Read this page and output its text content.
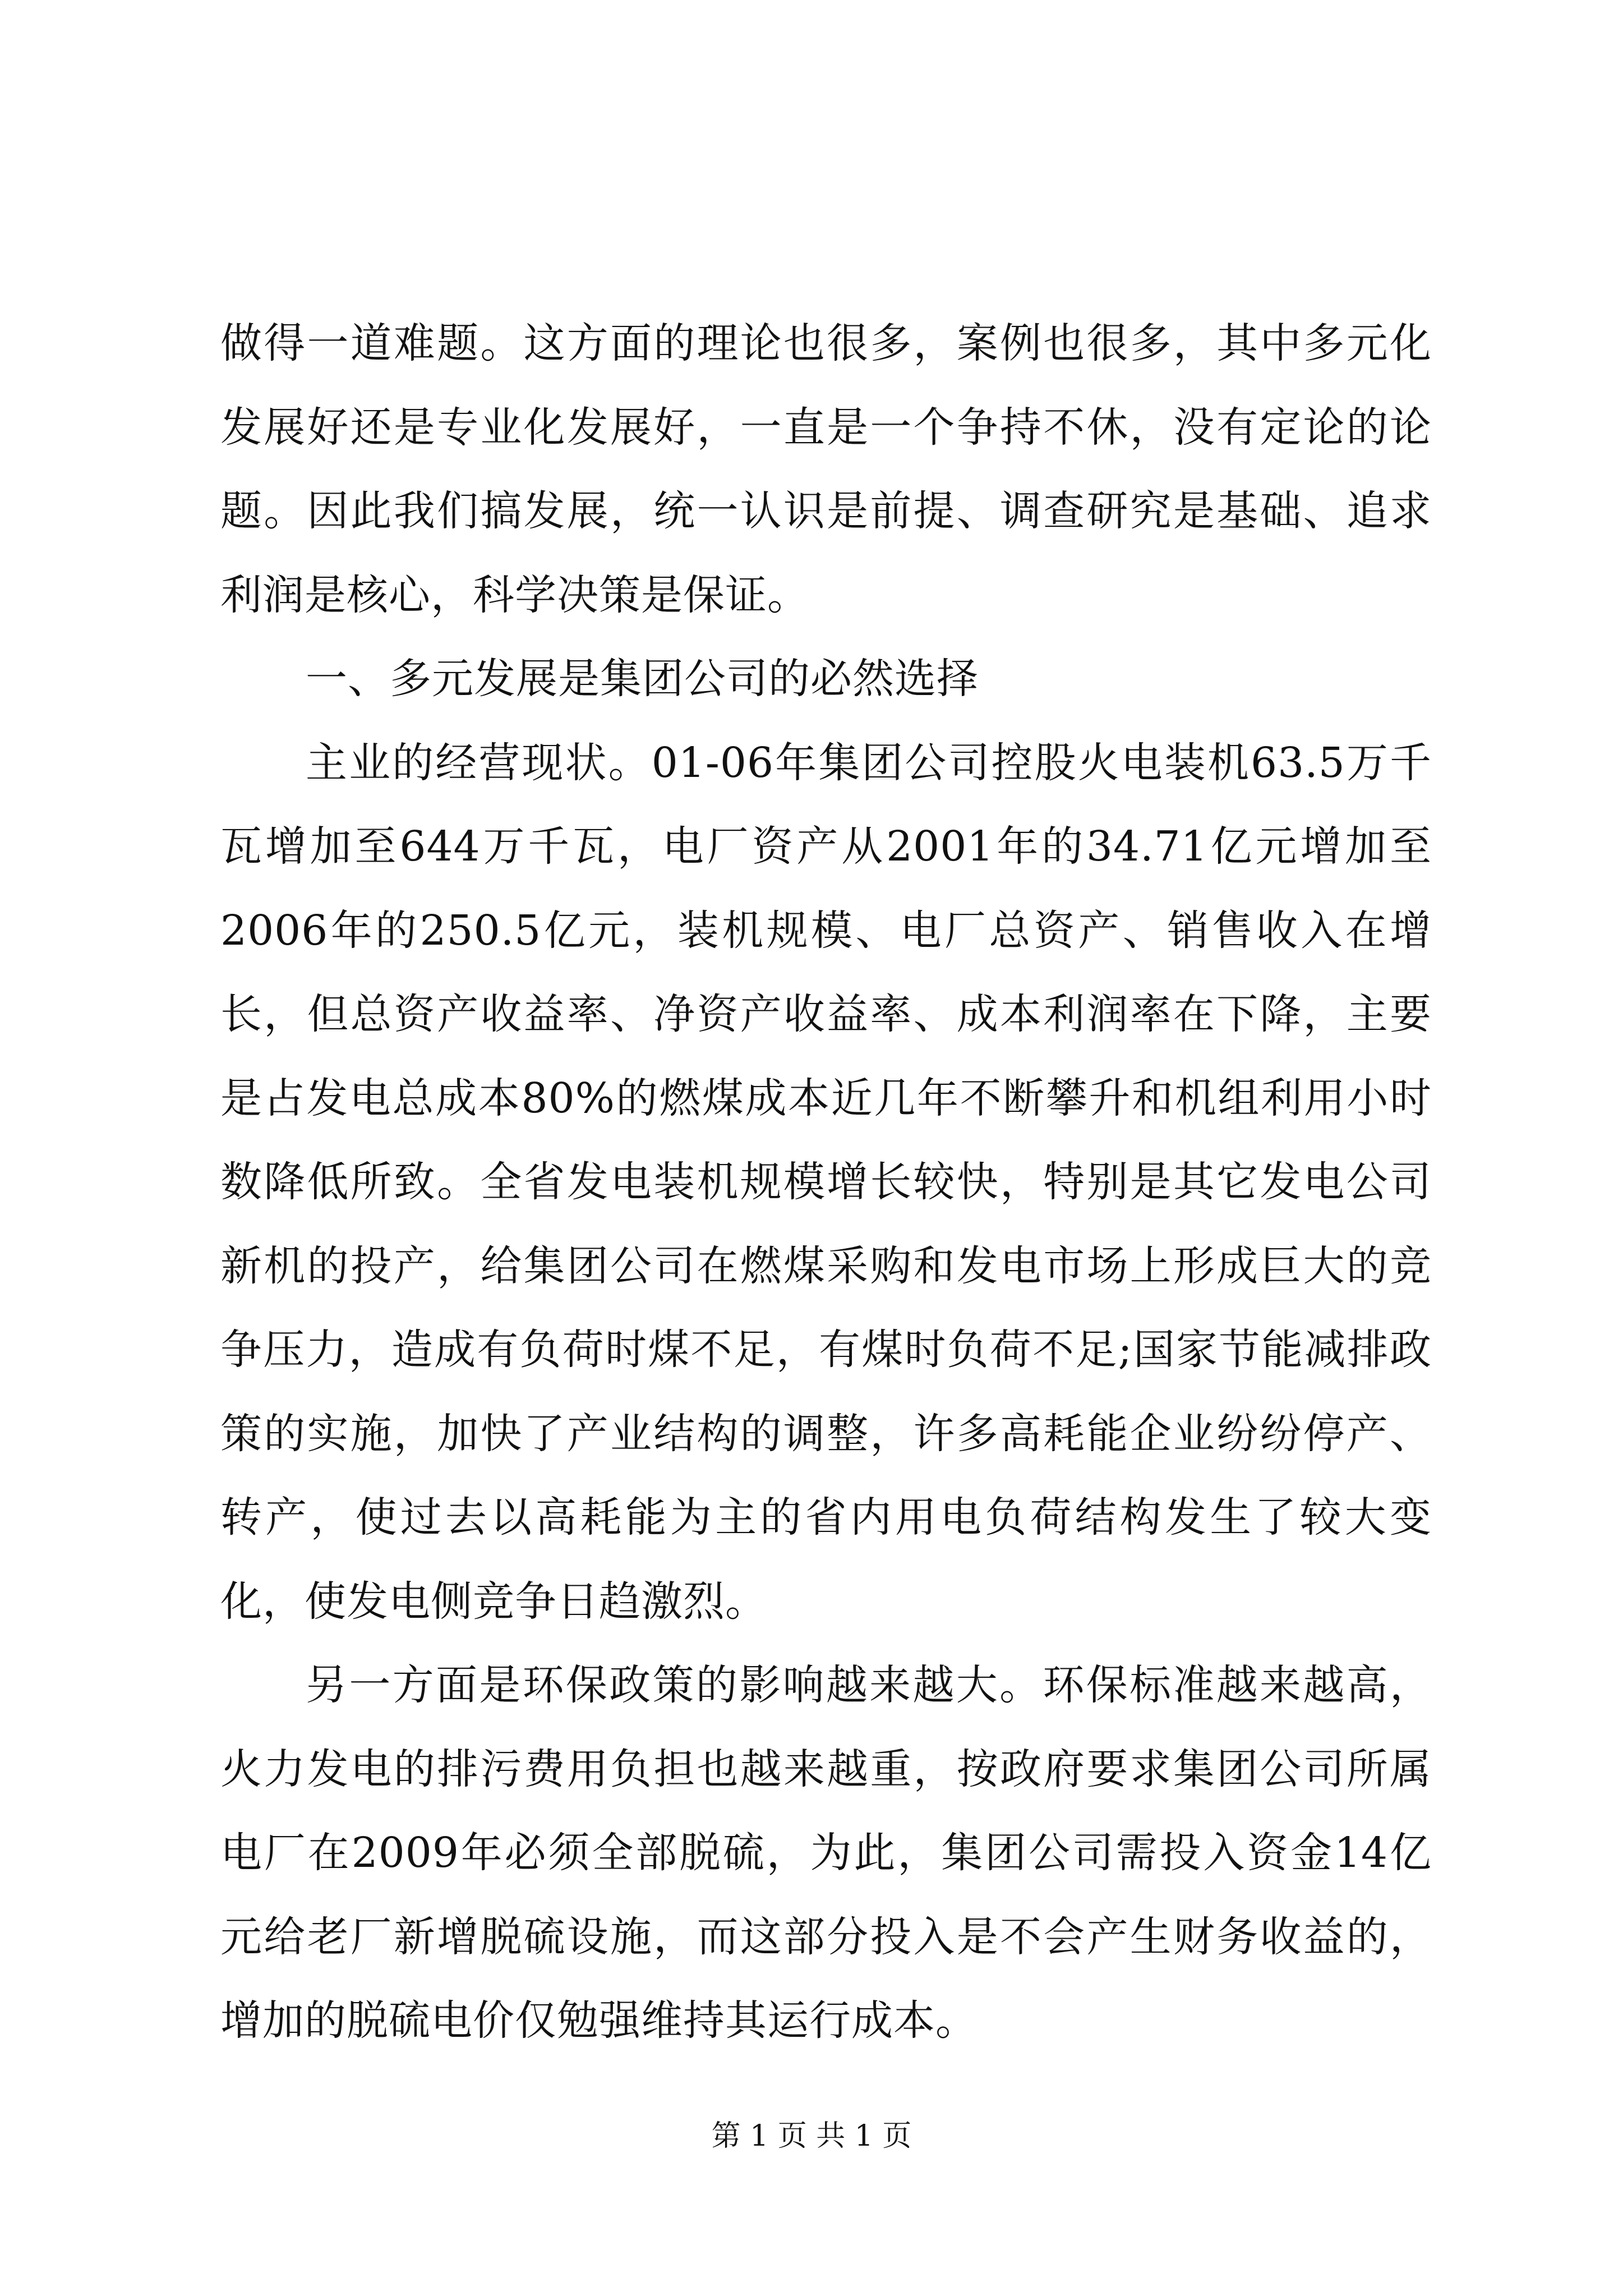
做得一道难题。这方面的理论也很多，案例也很多，其中多元化发展好还是专业化发展好，一直是一个争持不休，没有定论的论题。因此我们搞发展，统一认识是前提、调查研究是基础、追求利润是核心，科学决策是保证。

一、多元发展是集团公司的必然选择

主业的经营现状。01-06年集团公司控股火电装机63.5万千瓦增加至644万千瓦，电厂资产从2001年的34.71亿元增加至2006年的250.5亿元，装机规模、电厂总资产、销售收入在增长，但总资产收益率、净资产收益率、成本利润率在下降，主要是占发电总成本80%的燃煤成本近几年不断攀升和机组利用小时数降低所致。全省发电装机规模增长较快，特别是其它发电公司新机的投产，给集团公司在燃煤采购和发电市场上形成巨大的竞争压力，造成有负荷时煤不足，有煤时负荷不足;国家节能减排政策的实施，加快了产业结构的调整，许多高耗能企业纷纷停产、转产，使过去以高耗能为主的省内用电负荷结构发生了较大变化，使发电侧竞争日趋激烈。

另一方面是环保政策的影响越来越大。环保标准越来越高，火力发电的排污费用负担也越来越重，按政府要求集团公司所属电厂在2009年必须全部脱硫，为此，集团公司需投入资金14亿元给老厂新增脱硫设施，而这部分投入是不会产生财务收益的，增加的脱硫电价仅勉强维持其运行成本。

第 1 页 共 1 页
